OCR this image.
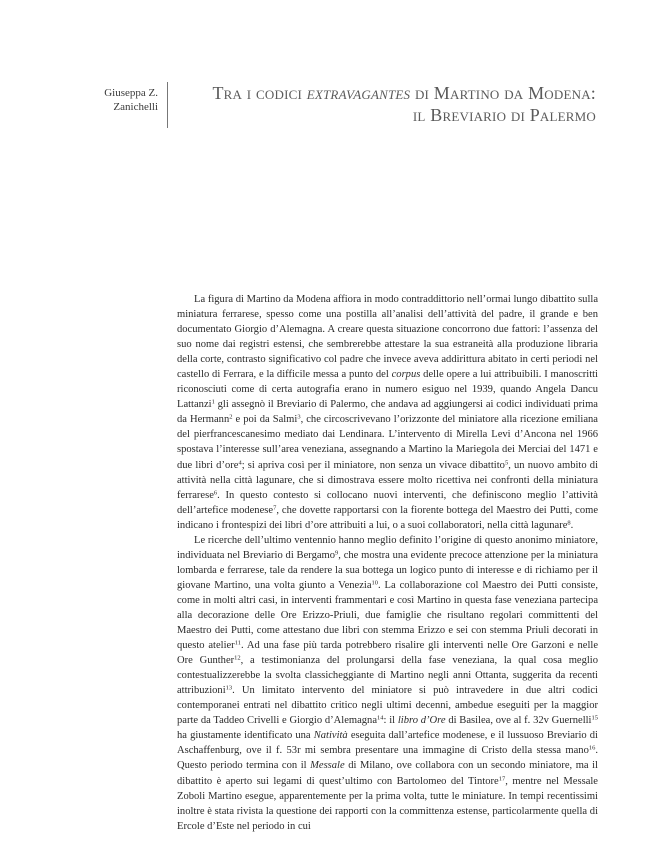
Giuseppa Z.
Zanichelli
Tra i codici extravagantes di Martino da Modena:
il Breviario di Palermo

La figura di Martino da Modena affiora in modo contraddittorio nell’ormai lungo dibattito sulla miniatura ferrarese, spesso come una postilla all’analisi dell’attività del padre, il grande e ben documentato Giorgio d’Alemagna. A creare questa situazione concorrono due fattori: l’assenza del suo nome dai registri estensi, che sembrerebbe attestare la sua estraneità alla produzione libraria della corte, contrasto significativo col padre che invece aveva addirittura abitato in certi periodi nel castello di Ferrara, e la difficile messa a punto del corpus delle opere a lui attribuibili. I manoscritti riconosciuti come di certa autografia erano in numero esiguo nel 1939, quando Angela Dancu Lattanzi$^1$ gli assegnò il Breviario di Palermo, che andava ad aggiungersi ai codici individuati prima da Hermann$^2$ e poi da Salmi$^3$, che circoscrivevano l’orizzonte del miniatore alla ricezione emiliana del pierfrancescanesimo mediato dai Lendinara. L’intervento di Mirella Levi d’Ancona nel 1966 spostava l’interesse sull’area veneziana, assegnando a Martino la Mariegola dei Merciai del 1471 e due libri d’ore$^4$; si apriva così per il miniatore, non senza un vivace dibattito$^5$, un nuovo ambito di attività nella città lagunare, che si dimostrava essere molto ricettiva nei confronti della miniatura ferrarese$^6$. In questo contesto si collocano nuovi interventi, che definiscono meglio l’attività dell’artefice modenese$^7$, che dovette rapportarsi con la fiorente bottega del Maestro dei Putti, come indicano i frontespizi dei libri d’ore attribuiti a lui, o a suoi collaboratori, nella città lagunare$^8$.

Le ricerche dell’ultimo ventennio hanno meglio definito l’origine di questo anonimo miniatore, individuata nel Breviario di Bergamo$^9$, che mostra una evidente precoce attenzione per la miniatura lombarda e ferrarese, tale da rendere la sua bottega un logico punto di interesse e di richiamo per il giovane Martino, una volta giunto a Venezia$^{10}$. La collaborazione col Maestro dei Putti consiste, come in molti altri casi, in interventi frammentari e così Martino in questa fase veneziana partecipa alla decorazione delle Ore Erizzo-Priuli, due famiglie che risultano regolari committenti del Maestro dei Putti, come attestano due libri con stemma Erizzo e sei con stemma Priuli decorati in questo atelier$^{11}$. Ad una fase più tarda potrebbero risalire gli interventi nelle Ore Garzoni e nelle Ore Gunther$^{12}$, a testimonianza del prolungarsi della fase veneziana, la qual cosa meglio contestualizzerebbe la svolta classicheggiante di Martino negli anni Ottanta, suggerita da recenti attribuzioni$^{13}$. Un limitato intervento del miniatore si può intravedere in due altri codici contemporanei entrati nel dibattito critico negli ultimi decenni, ambedue eseguiti per la maggior parte da Taddeo Crivelli e Giorgio d’Alemagna$^{14}$: il libro d’Ore di Basilea, ove al f. 32v Guernelli$^{15}$ ha giustamente identificato una Natività eseguita dall’artefice modenese, e il lussuoso Breviario di Aschaffenburg, ove il f. 53r mi sembra presentare una immagine di Cristo della stessa mano$^{16}$. Questo periodo termina con il Messale di Milano, ove collabora con un secondo miniatore, ma il dibattito è aperto sui legami di quest’ultimo con Bartolomeo del Tintore$^{17}$, mentre nel Messale Zoboli Martino esegue, apparentemente per la prima volta, tutte le miniature. In tempi recentissimi inoltre è stata rivista la questione dei rapporti con la committenza estense, particolarmente quella di Ercole d’Este nel periodo in cui
